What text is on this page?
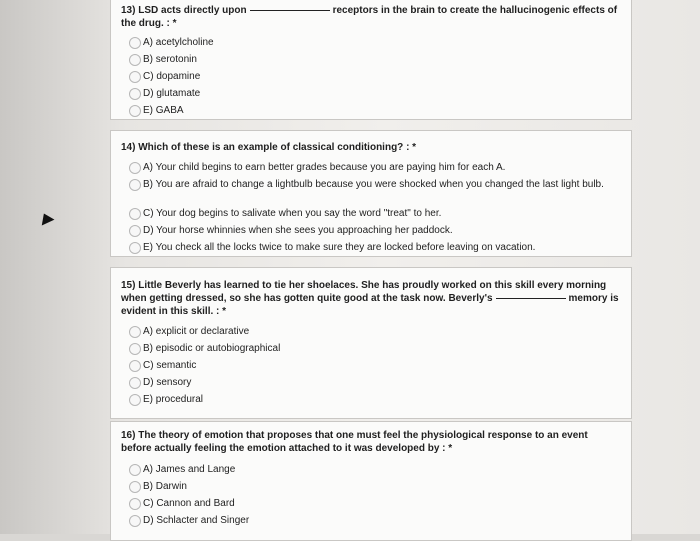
13) LSD acts directly upon	receptors in the brain to create the hallucinogenic effects of the drug. : *
A) acetylcholine
B) serotonin
C) dopamine
D) glutamate
E) GABA
14) Which of these is an example of classical conditioning? : *
A) Your child begins to earn better grades because you are paying him for each A.
B) You are afraid to change a lightbulb because you were shocked when you changed the last light bulb.
C) Your dog begins to salivate when you say the word "treat" to her.
D) Your horse whinnies when she sees you approaching her paddock.
E) You check all the locks twice to make sure they are locked before leaving on vacation.
15) Little Beverly has learned to tie her shoelaces. She has proudly worked on this skill every morning when getting dressed, so she has gotten quite good at the task now. Beverly's	memory is evident in this skill. : *
A) explicit or declarative
B) episodic or autobiographical
C) semantic
D) sensory
E) procedural
16) The theory of emotion that proposes that one must feel the physiological response to an event before actually feeling the emotion attached to it was developed by : *
A) James and Lange
B) Darwin
C) Cannon and Bard
D) Schlacter and Singer
